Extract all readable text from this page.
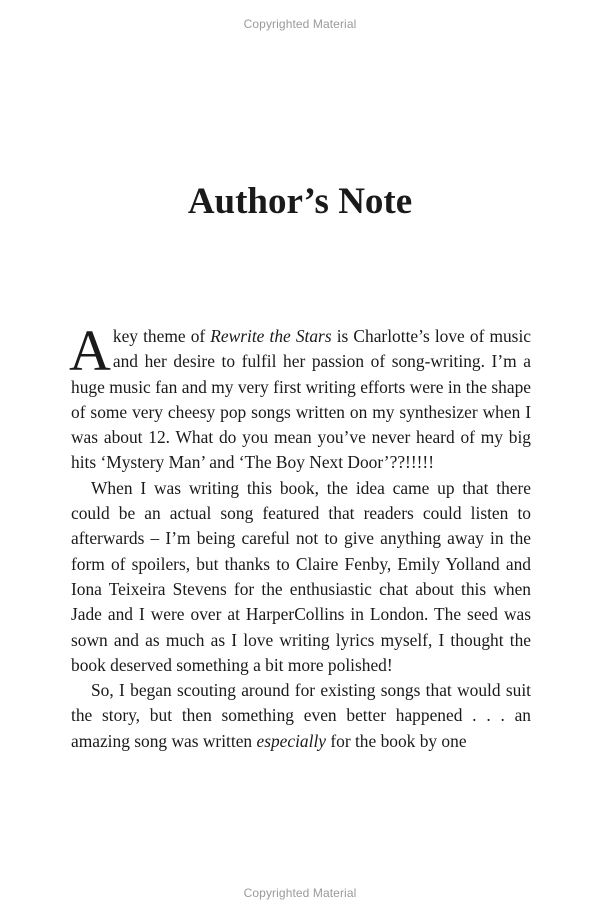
Copyrighted Material
Author’s Note

A key theme of Rewrite the Stars is Charlotte’s love of music and her desire to fulfil her passion of song-writing. I’m a huge music fan and my very first writing efforts were in the shape of some very cheesy pop songs written on my synthesizer when I was about 12. What do you mean you’ve never heard of my big hits ‘Mystery Man’ and ‘The Boy Next Door’??!!!!!

When I was writing this book, the idea came up that there could be an actual song featured that readers could listen to afterwards – I’m being careful not to give anything away in the form of spoilers, but thanks to Claire Fenby, Emily Yolland and Iona Teixeira Stevens for the enthusiastic chat about this when Jade and I were over at HarperCollins in London. The seed was sown and as much as I love writing lyrics myself, I thought the book deserved something a bit more polished!

So, I began scouting around for existing songs that would suit the story, but then something even better happened . . . an amazing song was written especially for the book by one

Copyrighted Material
